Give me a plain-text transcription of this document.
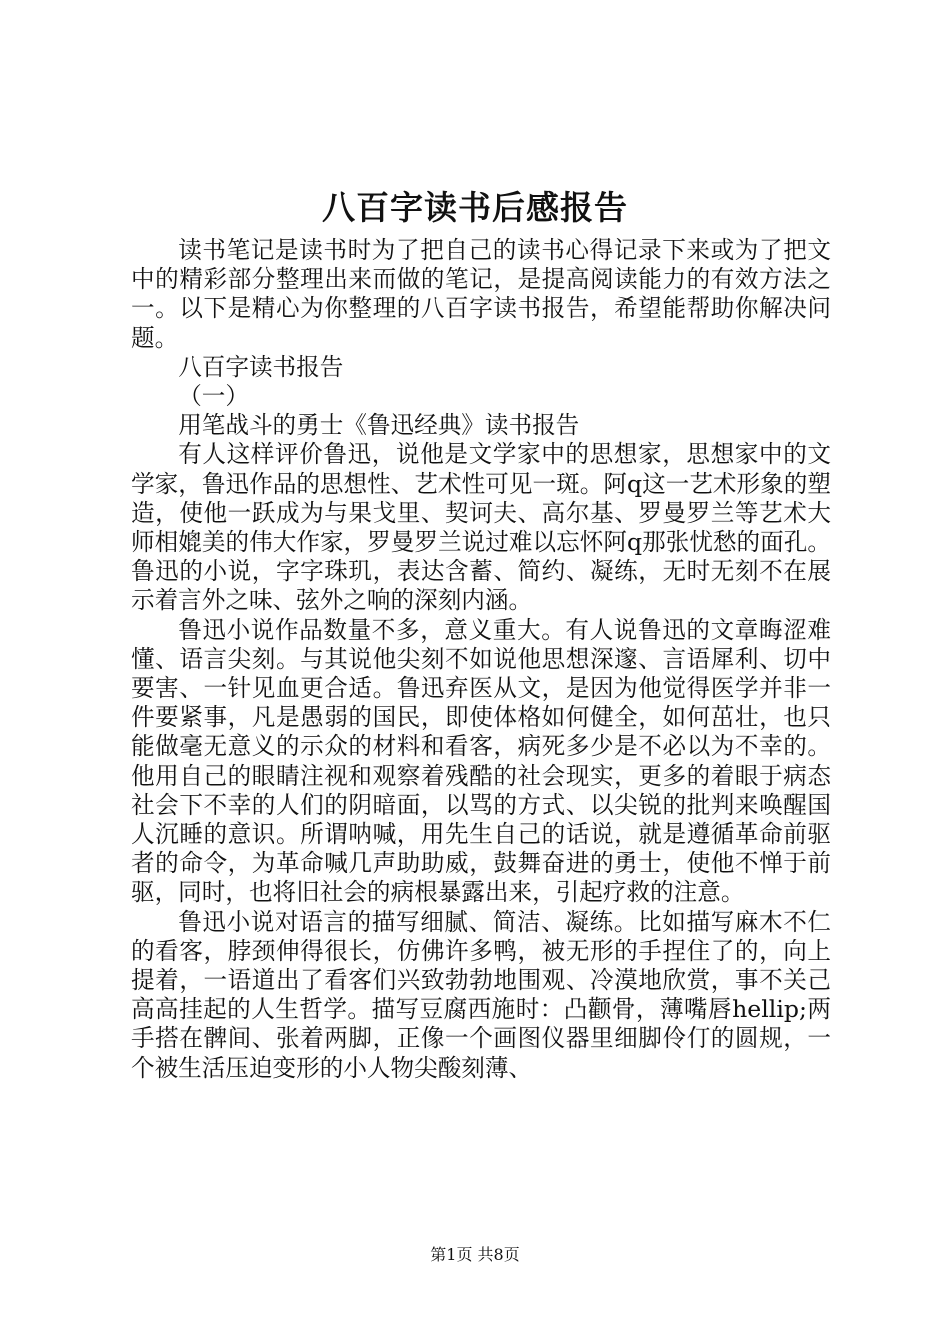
八百字读书后感报告

读书笔记是读书时为了把自己的读书心得记录下来或为了把文中的精彩部分整理出来而做的笔记，是提高阅读能力的有效方法之一。以下是精心为你整理的八百字读书报告，希望能帮助你解决问题。

八百字读书报告

（一）

用笔战斗的勇士《鲁迅经典》读书报告

有人这样评价鲁迅，说他是文学家中的思想家，思想家中的文学家，鲁迅作品的思想性、艺术性可见一斑。阿q这一艺术形象的塑造，使他一跃成为与果戈里、契诃夫、高尔基、罗曼罗兰等艺术大师相媲美的伟大作家，罗曼罗兰说过难以忘怀阿q那张忧愁的面孔。鲁迅的小说，字字珠玑，表达含蓄、简约、凝练，无时无刻不在展示着言外之味、弦外之响的深刻内涵。

鲁迅小说作品数量不多，意义重大。有人说鲁迅的文章晦涩难懂、语言尖刻。与其说他尖刻不如说他思想深邃、言语犀利、切中要害、一针见血更合适。鲁迅弃医从文，是因为他觉得医学并非一件要紧事，凡是愚弱的国民，即使体格如何健全，如何茁壮，也只能做毫无意义的示众的材料和看客，病死多少是不必以为不幸的。他用自己的眼睛注视和观察着残酷的社会现实，更多的着眼于病态社会下不幸的人们的阴暗面，以骂的方式、以尖锐的批判来唤醒国人沉睡的意识。所谓呐喊，用先生自己的话说，就是遵循革命前驱者的命令，为革命喊几声助助威，鼓舞奋进的勇士，使他不惮于前驱，同时，也将旧社会的病根暴露出来，引起疗救的注意。

鲁迅小说对语言的描写细腻、简洁、凝练。比如描写麻木不仁的看客，脖颈伸得很长，仿佛许多鸭，被无形的手捏住了的，向上提着，一语道出了看客们兴致勃勃地围观、冷漠地欣赏，事不关己高高挂起的人生哲学。描写豆腐西施时：凸颧骨，薄嘴唇hellip;两手搭在髀间、张着两脚，正像一个画图仪器里细脚伶仃的圆规，一个被生活压迫变形的小人物尖酸刻薄、

第1页 共8页
